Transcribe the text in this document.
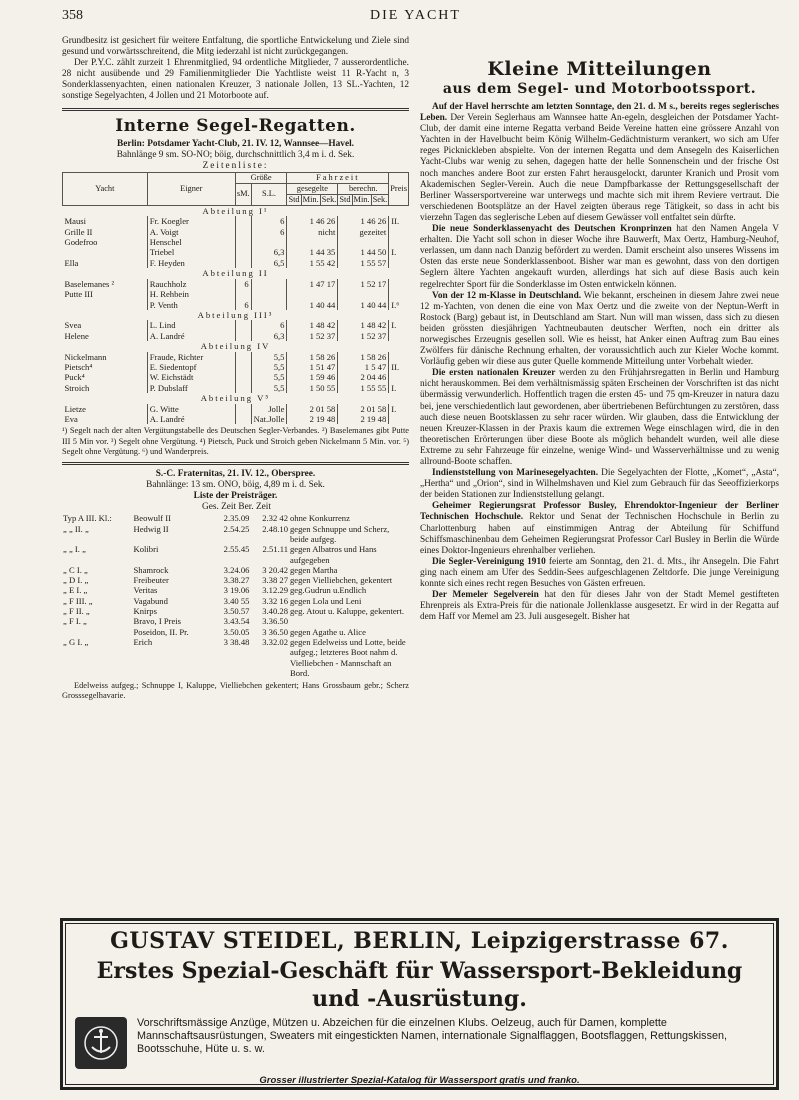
358	DIE YACHT

Grundbesitz ist gesichert für weitere Entfaltung, die sportliche Entwickelung und Ziele sind gesund und vorwärtsschreitend, die Mitg iederzahl ist nicht zurückgegangen.

Der P.Y.C. zählt zurzeit 1 Ehrenmitglied, 94 ordentliche Mitglieder, 7 ausserordentliche. 28 nicht ausübende und 29 Familienmitglieder Die Yachtliste weist 11 R-Yacht n, 3 Sonderklassenyachten, einen nationalen Kreuzer, 3 nationale Jollen, 13 SL.-Yachten, 12 sonstige Segelyachten, 4 Jollen und 21 Motorboote auf.

Interne Segel-Regatten.
Berlin: Potsdamer Yacht-Club, 21. IV. 12, Wannsee—Havel.
Bahnlänge 9 sm. SO-NO; böig, durchschnittlich 3,4 m i. d. Sek.
Zeitenliste:
Yacht	Eigner	Größe		Fahrzeit						Preis
		sM.	S.L.	gesegelte			berechn.			
				Std	Min.	Sek.	Std	Min.	Sek.	
Abteilung I¹										
Mausi	Fr. Koegler		6	1 46 26			1 46 26			II.
Grille II	A. Voigt		6	nicht			gezeitet			
Godefroo	Henschel									
	Triebel		6,3	1 44 35			1 44 50			I.
Ella	F. Heyden		6,5	1 55 42			1 55 57			
Abteilung II										
Baselemanes ²	Rauchholz	6		1 47 17			1 52 17			
Putte III	H. Rehbein									
	P. Venth	6		1 40 44			1 40 44			I.⁶
Abteilung III³										
Svea	L. Lind		6	1 48 42			1 48 42			I.
Helene	A. Landré		6,3	1 52 37			1 52 37			
Abteilung IV										
Nickelmann	Fraude, Richter		5,5	1 58 26			1 58 26			
Pietsch⁴	E. Siedentopf		5,5	1 51 47			1 5 47			II.
Puck⁴	W. Eichstädt		5,5	1 59 46			2 04 46			
Stroich	P. Dubslaff		5,5	1 50 55			1 55 55			I.
Abteilung V⁵										
Lietze	G. Witte		Jolle	2 01 58			2 01 58			I.
Eva	A. Landré		Nat.Jolle	2 19 48			2 19 48			

¹) Segelt nach der alten Vergütungstabelle des Deutschen Segler-Verbandes. ²) Baselemanes gibt Putte III 5 Min vor. ³) Segelt ohne Vergütung. ⁴) Pietsch, Puck und Stroich geben Nickelmann 5 Min. vor. ⁵) Segelt ohne Vergütung. ⁶) und Wanderpreis.

S.-C. Fraternitas, 21. IV. 12., Oberspree.
Bahnlänge: 13 sm. ONO, böig, 4,89 m i. d. Sek.
Liste der Preisträger.
Ges. Zeit Ber. Zeit
Typ A III. Kl.:	Beowulf II	2.35.09	2.32 42	ohne Konkurrenz
„ „ II. „	Hedwig II	2.54.25	2.48.10	gegen Schnuppe und Scherz, beide aufgeg.
„ „ I. „	Kolibri	2.55.45	2.51.11	gegen Albatros und Hans aufgegeben
„ C I. „	Shamrock	3.24.06	3 20.42	gegen Martha
„ D I. „	Freibeuter	3.38.27	3.38 27	gegen Vielliebchen, gekentert
„ E I. „	Veritas	3 19.06	3.12.29	geg.Gudrun u.Endlich
„ F III. „	Vagabund	3.40 55	3.32 16	gegen Lola und Leni
„ F II. „	Knirps	3.50.57	3.40.28	geg. Atout u. Kaluppe, gekentert.
„ F I. „	Bravo, I Preis	3.43.54	3.36.50	
	Poseidon, II. Pr.	3.50.05	3 36.50	gegen Agathe u. Alice
„ G I. „	Erich	3 38.48	3.32.02	gegen Edelweiss und Lotte, beide aufgeg.; letzteres Boot nahm d. Vielliebchen - Mannschaft an Bord.

Edelweiss aufgeg.; Schnuppe I, Kaluppe, Vielliebchen gekentert; Hans Grossbaum gebr.; Scherz Grosssegelhavarie.

Kleine Mitteilungen
aus dem Segel- und Motorbootssport.

Auf der Havel herrschte am letzten Sonntage, den 21. d. M s., bereits reges seglerisches Leben. Der Verein Seglerhaus am Wannsee hatte An-egeln, desgleichen der Potsdamer Yacht-Club, der damit eine interne Regatta verband Beide Vereine hatten eine grössere Anzahl von Yachten in der Havelbucht beim König Wilhelm-Gedächtnisturm verankert, wo sich am Ufer reges Picknickleben abspielte. Von der internen Regatta und dem Ansegeln des Kaiserlichen Yacht-Clubs war wenig zu sehen, dagegen hatte der helle Sonnenschein und der frische Ost noch manches andere Boot zur ersten Fahrt herausgelockt, darunter Kranich und Prosit vom Akademischen Segler-Verein. Auch die neue Dampfbarkasse der Rettungsgesellschaft der Berliner Wassersportvereine war unterwegs und machte sich mit ihrem Reviere vertraut. Die verschiedenen Bootsplätze an der Havel zeigten überaus rege Tätigkeit, so dass in acht bis vierzehn Tagen das seglerische Leben auf diesem Gewässer voll entfaltet sein dürfte.

Die neue Sonderklassenyacht des Deutschen Kronprinzen hat den Namen Angela V erhalten. Die Yacht soll schon in dieser Woche ihre Bauwerft, Max Oertz, Hamburg-Neuhof, verlassen, um dann nach Danzig befördert zu werden. Damit erscheint also unseres Wissens im Osten das erste neue Sonderklassenboot. Bisher war man es gewohnt, dass von den dortigen Seglern ältere Yachten angekauft wurden, allerdings hat sich auf diese Basis auch kein regelrechter Sport für die Sonderklasse im Osten entwickeln können.

Von der 12 m-Klasse in Deutschland. Wie bekannt, erscheinen in diesem Jahre zwei neue 12 m-Yachten, von denen die eine von Max Oertz und die zweite von der Neptun-Werft in Rostock (Barg) gebaut ist, in Deutschland am Start. Nun will man wissen, dass sich zu diesen beiden grössten diesjährigen Yachtneubauten deutscher Werften, noch ein dritter als norwegisches Erzeugnis gesellen soll. Wie es heisst, hat Anker einen Auftrag zum Bau eines Zwölfers für dänische Rechnung erhalten, der voraussichtlich auch zur Kieler Woche kommt. Vorläufig geben wir diese aus guter Quelle kommende Mitteilung unter Vorbehalt wieder.

Die ersten nationalen Kreuzer werden zu den Frühjahrsregatten in Berlin und Hamburg nicht herauskommen. Bei dem verhältnismässig späten Erscheinen der Vorschriften ist das nicht übermässig verwunderlich. Hoffentlich tragen die ersten 45- und 75 qm-Kreuzer in natura dazu bei, jene verschiedentlich laut gewordenen, aber übertriebenen Befürchtungen zu zerstören, dass auch diese neuen Bootsklassen zu sehr racer würden. Wir glauben, dass die Entwicklung der neuen Kreuzer-Klassen in der Praxis kaum die extremen Wege einschlagen wird, die in den theoretischen Erörterungen über diese Boote als möglich behandelt wurden, weil alle diese Extreme zu sehr Fahrzeuge für einzelne, wenige Wind- und Wasserverhältnisse und zu wenig allround-Boote schaffen.

Indienststellung von Marinesegelyachten. Die Segelyachten der Flotte, „Komet“, „Asta“, „Hertha“ und „Orion“, sind in Wilhelmshaven und Kiel zum Gebrauch für das Seeoffizierkorps der beiden Stationen zur Indienststellung gelangt.

Geheimer Regierungsrat Professor Busley, Ehrendoktor-Ingenieur der Berliner Technischen Hochschule. Rektor und Senat der Technischen Hochschule in Berlin zu Charlottenburg haben auf einstimmigen Antrag der Abteilung für Schiffund Schiffsmaschinenbau dem Geheimen Regierungsrat Professor Carl Busley in Berlin die Würde eines Doktor-Ingenieurs ehrenhalber verliehen.

Die Segler-Vereinigung 1910 feierte am Sonntag, den 21. d. Mts., ihr Ansegeln. Die Fahrt ging nach einem am Ufer des Seddin-Sees aufgeschlagenen Zeltdorfe. Die junge Vereinigung konnte sich eines recht regen Besuches von Gästen erfreuen.

Der Memeler Segelverein hat den für dieses Jahr von der Stadt Memel gestifteten Ehrenpreis als Extra-Preis für die nationale Jollenklasse ausgesetzt. Er wird in der Regatta auf dem Haff vor Memel am 23. Juli ausgesegelt. Bisher hat

GUSTAV STEIDEL, BERLIN, Leipzigerstrasse 67.
Erstes Spezial-Geschäft für Wassersport-Bekleidung und -Ausrüstung.
Vorschriftsmässige Anzüge, Mützen u. Abzeichen für die einzelnen Klubs. Oelzeug, auch für Damen, komplette Mannschaftsausrüstungen, Sweaters mit eingestickten Namen, internationale Signalflaggen, Bootsflaggen, Rettungskissen, Bootsschuhe, Hüte u. s. w.
Grosser illustrierter Spezial-Katalog für Wassersport gratis und franko.
